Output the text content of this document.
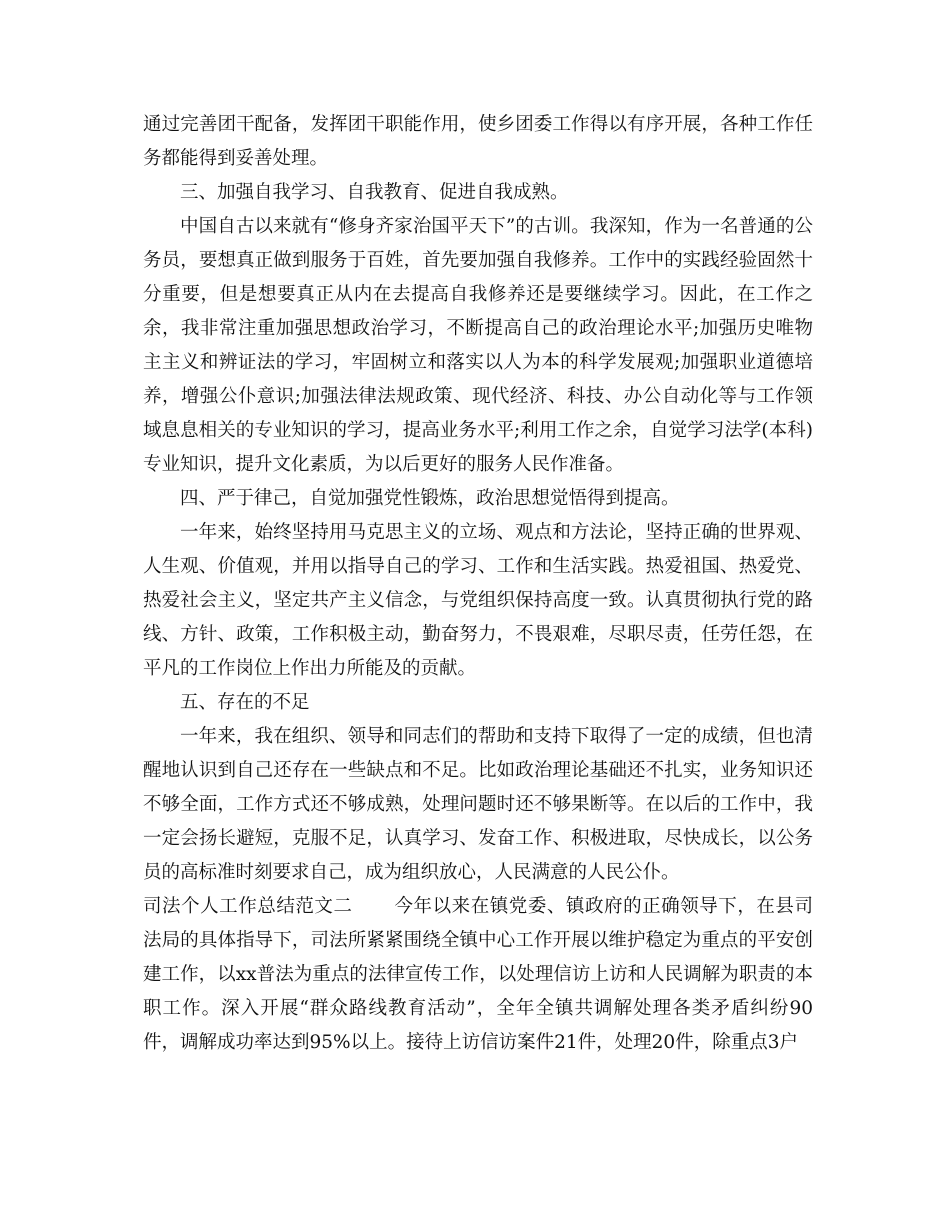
通过完善团干配备，发挥团干职能作用，使乡团委工作得以有序开展，各种工作任务都能得到妥善处理。

三、加强自我学习、自我教育、促进自我成熟。

中国自古以来就有“修身齐家治国平天下”的古训。我深知，作为一名普通的公务员，要想真正做到服务于百姓，首先要加强自我修养。工作中的实践经验固然十分重要，但是想要真正从内在去提高自我修养还是要继续学习。因此，在工作之余，我非常注重加强思想政治学习，不断提高自己的政治理论水平;加强历史唯物主主义和辨证法的学习，牢固树立和落实以人为本的科学发展观;加强职业道德培养，增强公仆意识;加强法律法规政策、现代经济、科技、办公自动化等与工作领域息息相关的专业知识的学习，提高业务水平;利用工作之余，自觉学习法学(本科)专业知识，提升文化素质，为以后更好的服务人民作准备。

四、严于律己，自觉加强党性锻炼，政治思想觉悟得到提高。

一年来，始终坚持用马克思主义的立场、观点和方法论，坚持正确的世界观、人生观、价值观，并用以指导自己的学习、工作和生活实践。热爱祖国、热爱党、热爱社会主义，坚定共产主义信念，与党组织保持高度一致。认真贯彻执行党的路线、方针、政策，工作积极主动，勤奋努力，不畏艰难，尽职尽责，任劳任怨，在平凡的工作岗位上作出力所能及的贡献。

五、存在的不足

一年来，我在组织、领导和同志们的帮助和支持下取得了一定的成绩，但也清醒地认识到自己还存在一些缺点和不足。比如政治理论基础还不扎实，业务知识还不够全面，工作方式还不够成熟，处理问题时还不够果断等。在以后的工作中，我一定会扬长避短，克服不足，认真学习、发奋工作、积极进取，尽快成长，以公务员的高标准时刻要求自己，成为组织放心，人民满意的人民公仆。

司法个人工作总结范文二 今年以来在镇党委、镇政府的正确领导下，在县司法局的具体指导下，司法所紧紧围绕全镇中心工作开展以维护稳定为重点的平安创建工作，以xx普法为重点的法律宣传工作，以处理信访上访和人民调解为职责的本职工作。深入开展“群众路线教育活动”，全年全镇共调解处理各类矛盾纠纷90件，调解成功率达到95%以上。接待上访信访案件21件，处理20件，除重点3户
